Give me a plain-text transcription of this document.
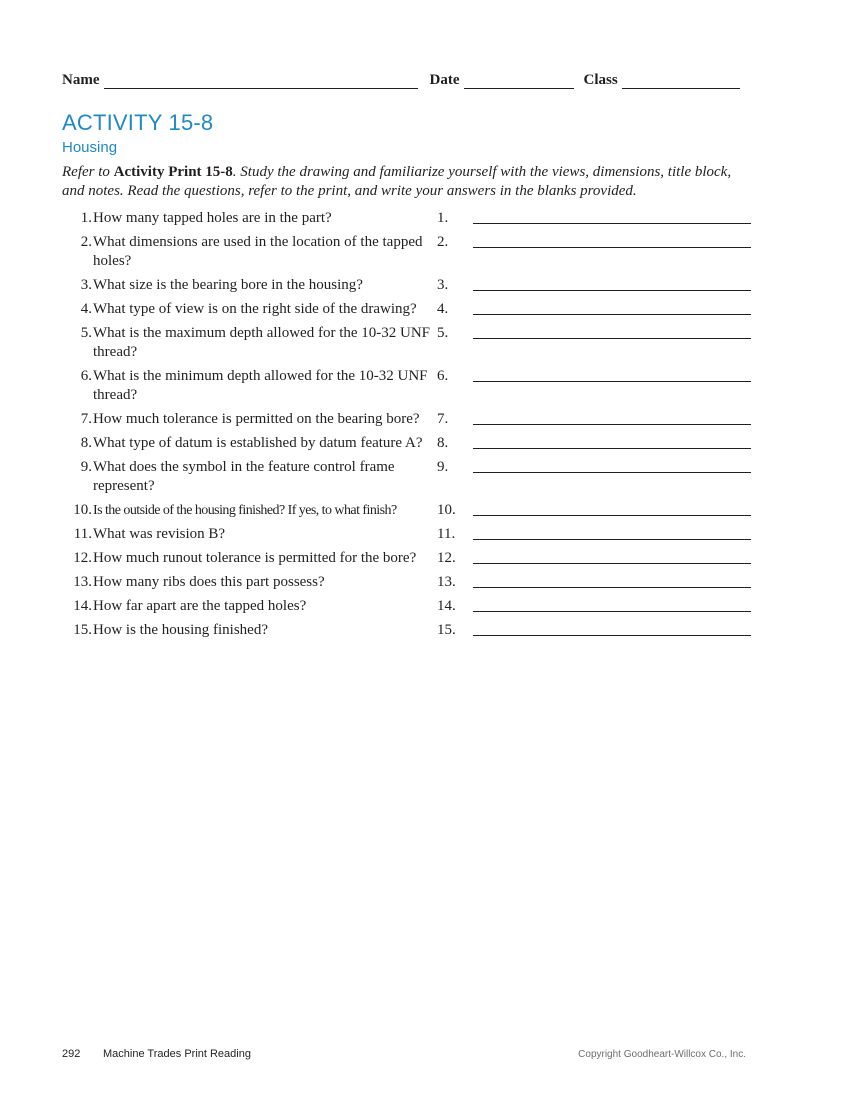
Name	Date	Class
ACTIVITY 15-8
Housing
Refer to Activity Print 15-8. Study the drawing and familiarize yourself with the views, dimensions, title block, and notes. Read the questions, refer to the print, and write your answers in the blanks provided.
1. How many tapped holes are in the part?	1.
2. What dimensions are used in the location of the tapped holes?
2.
3. What size is the bearing bore in the housing?	3.
4. What type of view is on the right side of the drawing?	4.
5. What is the maximum depth allowed for the 10-32 UNF thread?
5.
6. What is the minimum depth allowed for the 10-32 UNF thread?
6.
7. How much tolerance is permitted on the bearing bore?	7.
8. What type of datum is established by datum feature A? 8.
9. What does the symbol in the feature control frame represent?
9.
10. Is the outside of the housing finished? If yes, to what finish?	10.
11. What was revision B?	11.
12. How much runout tolerance is permitted for the bore?	12.
13. How many ribs does this part possess?	13.
14. How far apart are the tapped holes?	14.
15. How is the housing finished?	15.
292 Machine Trades Print Reading	Copyright Goodheart-Willcox Co., Inc.
